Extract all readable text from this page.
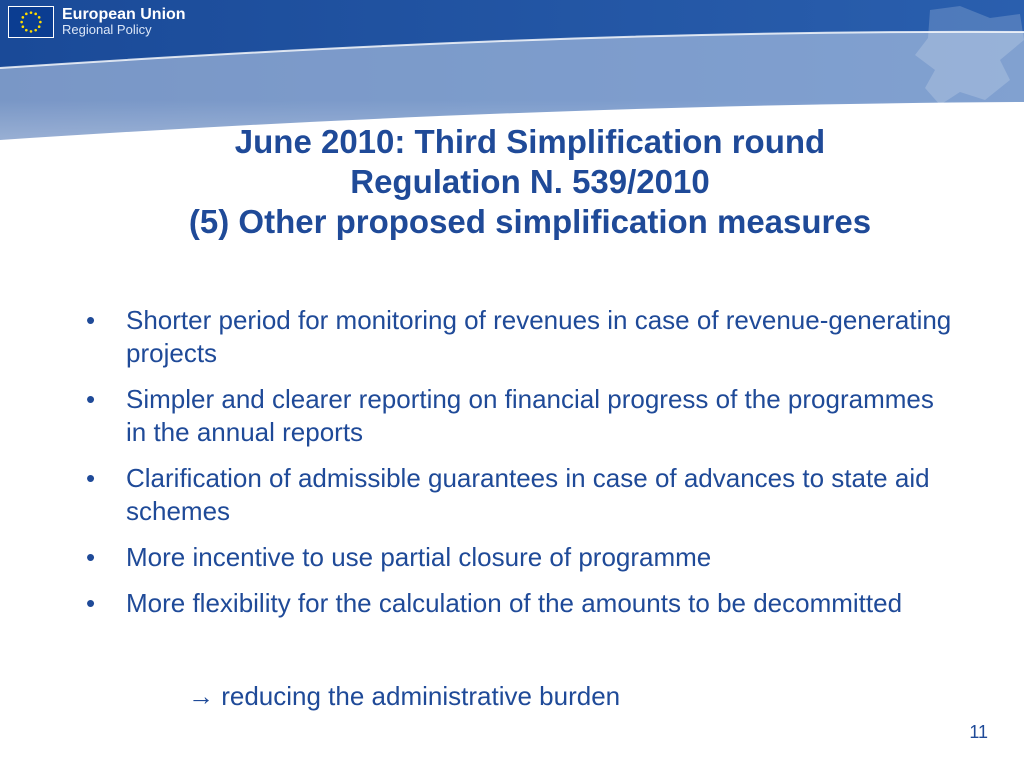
European Union
Regional Policy
June 2010: Third Simplification round
Regulation N. 539/2010
(5) Other proposed simplification measures
• Shorter period for monitoring of revenues in case of revenue-generating projects
• Simpler and clearer reporting on financial progress of the programmes in the annual reports
• Clarification of admissible guarantees in case of advances to state aid schemes
• More incentive to use partial closure of programme
• More flexibility for the calculation of the amounts to be decommitted

→ reducing the administrative burden

11
